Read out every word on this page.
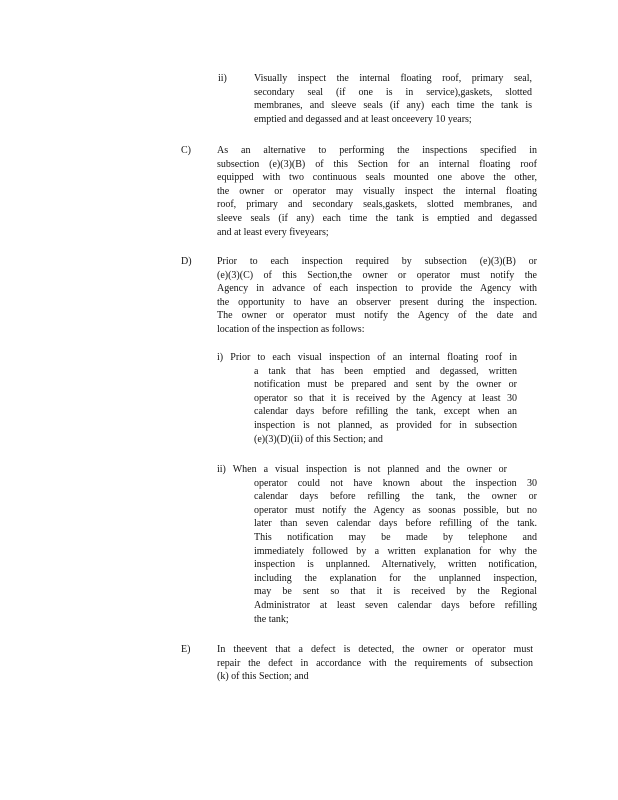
ii)	Visually inspect the internal floating roof, primary seal,
secondary seal (if one is in service),gaskets, slotted
membranes, and sleeve seals (if any) each time the tank is
emptied and degassed and at least onceevery 10 years;
C)	As an alternative to performing the inspections specified in
subsection (e)(3)(B) of this Section for an internal floating roof
equipped with two continuous seals mounted one above the other,
the owner or operator may visually inspect the internal floating
roof, primary and secondary seals,gaskets, slotted membranes, and
sleeve seals (if any) each time the tank is emptied and degassed
and at least every fiveyears;
D)	Prior to each inspection required by subsection (e)(3)(B) or
(e)(3)(C) of this Section,the owner or operator must notify the
Agency in advance of each inspection to provide the Agency with
the opportunity to have an observer present during the inspection.
The owner or operator must notify the Agency of the date and
location of the inspection as follows:
i) Prior to each visual inspection of an internal floating roof in
a tank that has been emptied and degassed, written
notification must be prepared and sent by the owner or
operator so that it is received by the Agency at least 30
calendar days before refilling the tank, except when an
inspection is not planned, as provided for in subsection
(e)(3)(D)(ii) of this Section; and
ii) When a visual inspection is not planned and the owner or
operator could not have known about the inspection 30
calendar days before refilling the tank, the owner or
operator must notify the Agency as soonas possible, but no
later than seven calendar days before refilling of the tank.
This notification may be made by telephone and
immediately followed by a written explanation for why the
inspection is unplanned. Alternatively, written notification,
including the explanation for the unplanned inspection,
may be sent so that it is received by the Regional
Administrator at least seven calendar days before refilling
the tank;
E)	In theevent that a defect is detected, the owner or operator must
repair the defect in accordance with the requirements of subsection
(k) of this Section; and
